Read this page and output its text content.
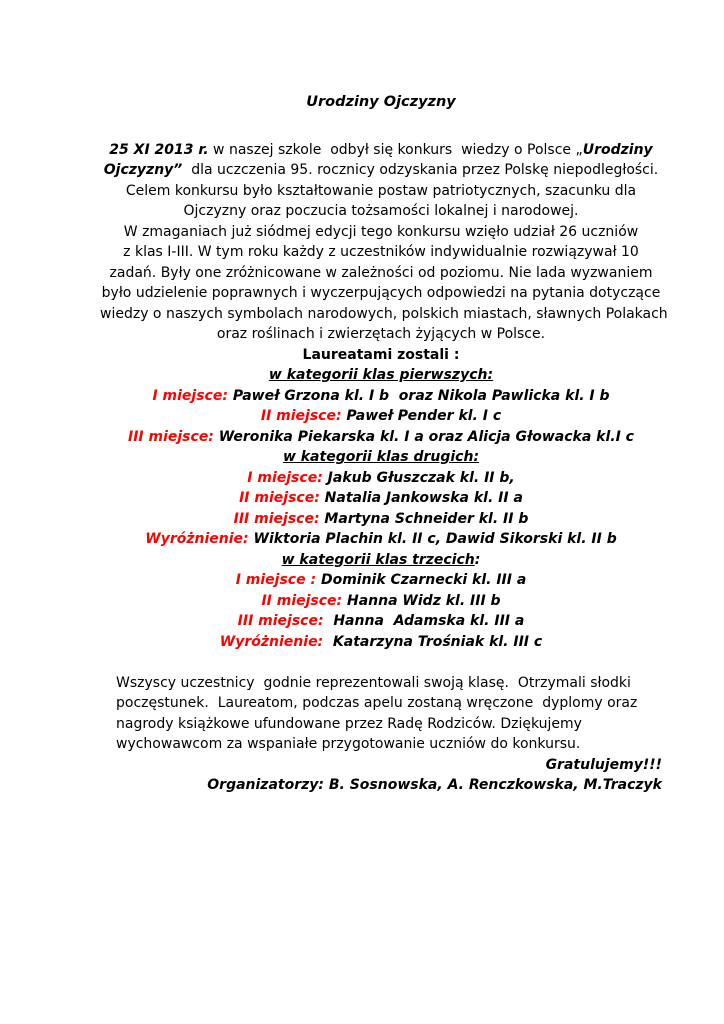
Urodziny Ojczyzny
25 XI 2013 r. w naszej szkole  odbył się konkurs  wiedzy o Polsce „Urodziny
Ojczyzny”  dla uczczenia 95. rocznicy odzyskania przez Polskę niepodległości.
Celem konkursu było kształtowanie postaw patriotycznych, szacunku dla
Ojczyzny oraz poczucia tożsamości lokalnej i narodowej.
W zmaganiach już siódmej edycji tego konkursu wzięło udział 26 uczniów
z klas I-III. W tym roku każdy z uczestników indywidualnie rozwiązywał 10
zadań. Były one zróżnicowane w zależności od poziomu. Nie lada wyzwaniem
było udzielenie poprawnych i wyczerpujących odpowiedzi na pytania dotyczące
wiedzy o naszych symbolach narodowych, polskich miastach, sławnych Polakach
oraz roślinach i zwierzętach żyjących w Polsce.
Laureatami zostali :
w kategorii klas pierwszych:
I miejsce: Paweł Grzona kl. I b  oraz Nikola Pawlicka kl. I b
II miejsce: Paweł Pender kl. I c
III miejsce: Weronika Piekarska kl. I a oraz Alicja Głowacka kl.I c
w kategorii klas drugich:
I miejsce: Jakub Głuszczak kl. II b,
II miejsce: Natalia Jankowska kl. II a
III miejsce: Martyna Schneider kl. II b
Wyróżnienie: Wiktoria Plachin kl. II c, Dawid Sikorski kl. II b
w kategorii klas trzecich:
I miejsce : Dominik Czarnecki kl. III a
II miejsce: Hanna Widz kl. III b
III miejsce:  Hanna  Adamska kl. III a
Wyróżnienie:  Katarzyna Trośniak kl. III c

Wszyscy uczestnicy  godnie reprezentowali swoją klasę.  Otrzymali słodki
poczęstunek.  Laureatom, podczas apelu zostaną wręczone  dyplomy oraz
nagrody książkowe ufundowane przez Radę Rodziców. Dziękujemy
wychowawcom za wspaniałe przygotowanie uczniów do konkursu.
Gratulujemy!!!
Organizatorzy: B. Sosnowska, A. Renczkowska, M.Traczyk
